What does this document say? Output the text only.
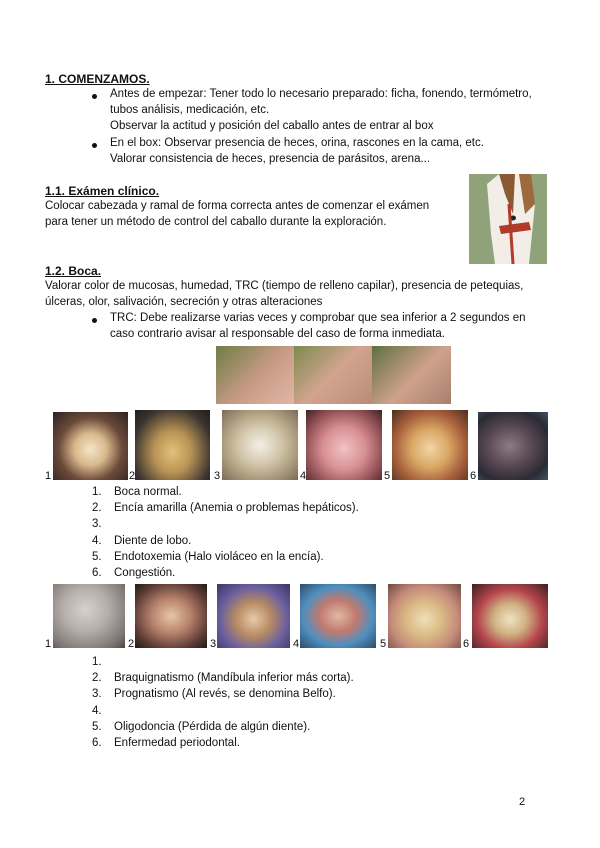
1. COMENZAMOS.
Antes de empezar: Tener todo lo necesario preparado: ficha, fonendo, termómetro,
tubos análisis, medicación, etc.
Observar la actitud y posición del caballo antes de entrar al box
En el box: Observar presencia de heces, orina, rascones en la cama, etc.
Valorar consistencia de heces, presencia de parásitos, arena...
1.1. Exámen clínico.
Colocar cabezada y ramal de forma correcta antes de comenzar el exámen
para tener un método de control del caballo durante la exploración.
1.2. Boca.
Valorar color de mucosas, humedad, TRC (tiempo de relleno capilar), presencia de petequias,
úlceras, olor, salivación, secreción y otras alteraciones
TRC: Debe realizarse varias veces y comprobar que sea inferior a 2 segundos en
caso contrario avisar al responsable del caso de forma inmediata.
1	2	3	4	5	6
1. Boca normal.
2. Encía amarilla (Anemia o problemas hepáticos).
3.
4. Diente de lobo.
5. Endotoxemia (Halo violáceo en la encía).
6. Congestión.
1	2	3	4	5	6
1.
2. Braquignatismo (Mandíbula inferior más corta).
3. Prognatismo (Al revés, se denomina Belfo).
4.
5. Oligodoncia (Pérdida de algún diente).
6. Enfermedad periodontal.
2
